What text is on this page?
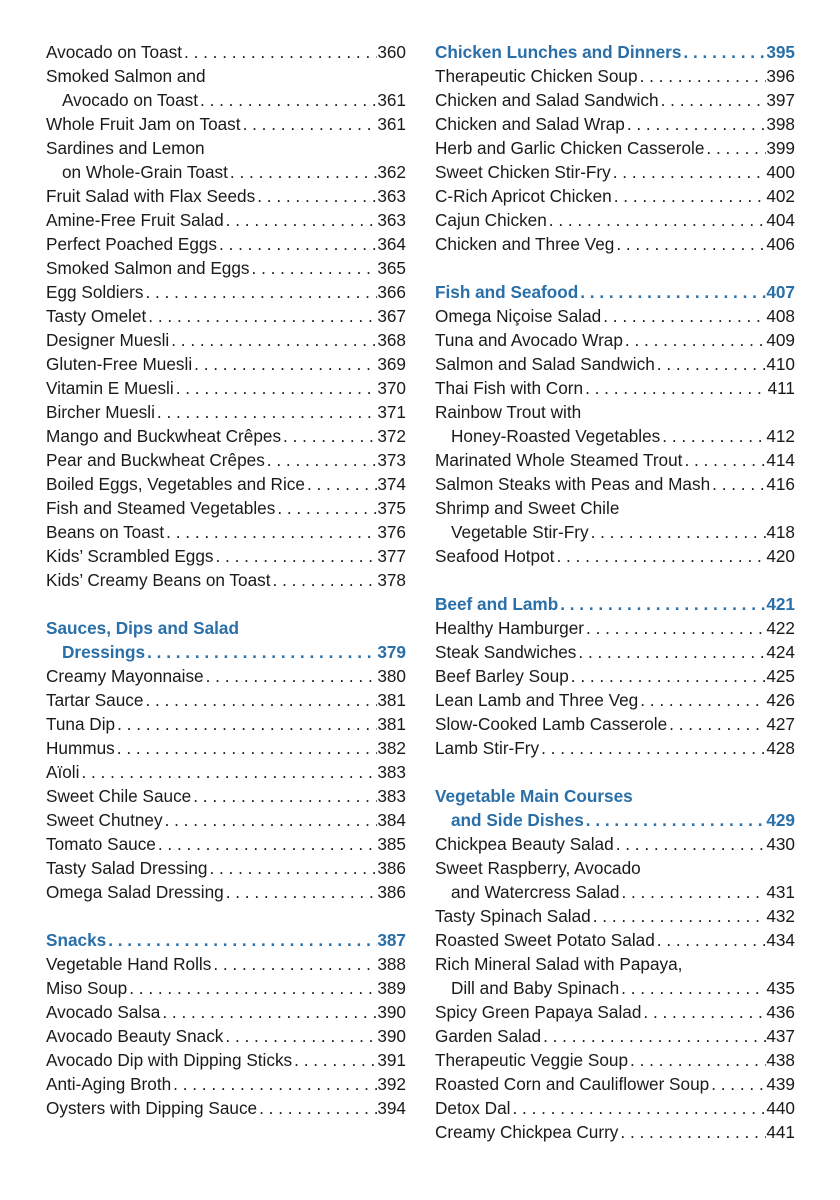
Avocado on Toast . . .	360
Smoked Salmon and
Avocado on Toast . . .	361
Whole Fruit Jam on Toast . . .	361
Sardines and Lemon
on Whole-Grain Toast . . .	362
Fruit Salad with Flax Seeds . . .	363
Amine-Free Fruit Salad . . .	363
Perfect Poached Eggs . . .	364
Smoked Salmon and Eggs . . .	365
Egg Soldiers . . .	366
Tasty Omelet . . .	367
Designer Muesli . . .	368
Gluten-Free Muesli . . .	369
Vitamin E Muesli . . .	370
Bircher Muesli . . .	371
Mango and Buckwheat Crêpes . . .	372
Pear and Buckwheat Crêpes . . .	373
Boiled Eggs, Vegetables and Rice . . .	374
Fish and Steamed Vegetables . . .	375
Beans on Toast . . .	376
Kids’ Scrambled Eggs . . .	377
Kids’ Creamy Beans on Toast . . .	378
Sauces, Dips and Salad
Dressings . . .	379
Creamy Mayonnaise . . .	380
Tartar Sauce . . .	381
Tuna Dip . . .	381
Hummus . . .	382
Aïoli . . .	383
Sweet Chile Sauce . . .	383
Sweet Chutney . . .	384
Tomato Sauce . . .	385
Tasty Salad Dressing . . .	386
Omega Salad Dressing . . .	386
Snacks . . .	387
Vegetable Hand Rolls . . .	388
Miso Soup . . .	389
Avocado Salsa . . .	390
Avocado Beauty Snack . . .	390
Avocado Dip with Dipping Sticks . . .	391
Anti-Aging Broth . . .	392
Oysters with Dipping Sauce . . .	394
Chicken Lunches and Dinners . . .	395
Therapeutic Chicken Soup . . .	396
Chicken and Salad Sandwich . . .	397
Chicken and Salad Wrap . . .	398
Herb and Garlic Chicken Casserole . . .	399
Sweet Chicken Stir-Fry . . .	400
C-Rich Apricot Chicken . . .	402
Cajun Chicken . . .	404
Chicken and Three Veg . . .	406
Fish and Seafood . . .	407
Omega Niçoise Salad . . .	408
Tuna and Avocado Wrap . . .	409
Salmon and Salad Sandwich . . .	410
Thai Fish with Corn . . .	411
Rainbow Trout with
Honey-Roasted Vegetables . . .	412
Marinated Whole Steamed Trout . . .	414
Salmon Steaks with Peas and Mash . . .	416
Shrimp and Sweet Chile
Vegetable Stir-Fry . . .	418
Seafood Hotpot . . .	420
Beef and Lamb . . .	421
Healthy Hamburger . . .	422
Steak Sandwiches . . .	424
Beef Barley Soup . . .	425
Lean Lamb and Three Veg . . .	426
Slow-Cooked Lamb Casserole . . .	427
Lamb Stir-Fry . . .	428
Vegetable Main Courses
and Side Dishes . . .	429
Chickpea Beauty Salad . . .	430
Sweet Raspberry, Avocado
and Watercress Salad . . .	431
Tasty Spinach Salad . . .	432
Roasted Sweet Potato Salad . . .	434
Rich Mineral Salad with Papaya,
Dill and Baby Spinach . . .	435
Spicy Green Papaya Salad . . .	436
Garden Salad . . .	437
Therapeutic Veggie Soup . . .	438
Roasted Corn and Cauliflower Soup . . .	439
Detox Dal . . .	440
Creamy Chickpea Curry . . .	441
